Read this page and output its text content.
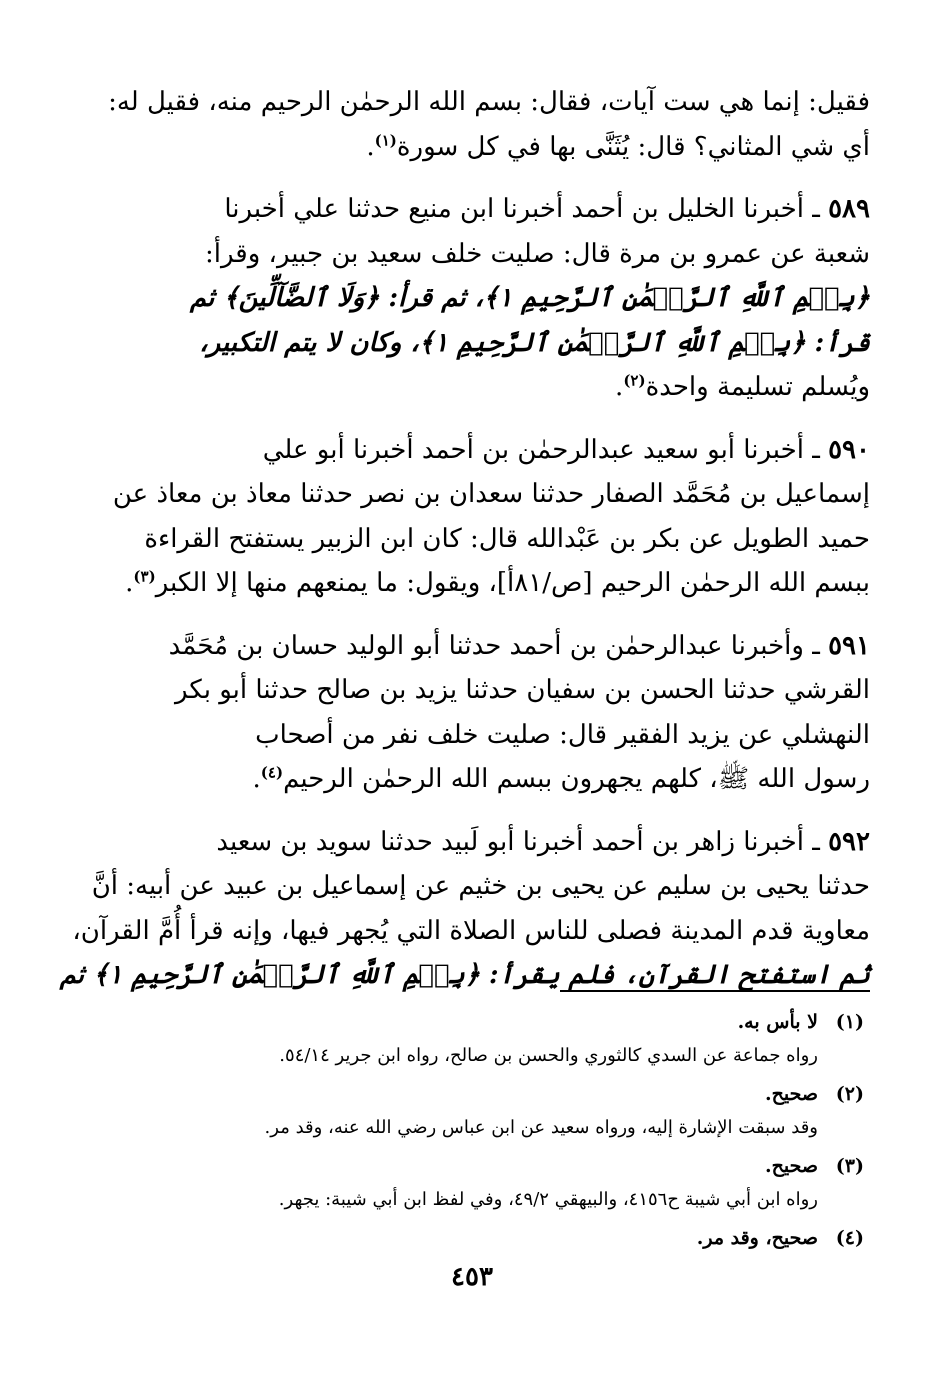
فقيل: إنما هي ست آيات، فقال: بسم الله الرحمٰن الرحيم منه، فقيل له:
أي شي المثاني؟ قال: يُثَنَّى بها في كل سورة$^{(١)}$.

٥٨٩ ـ أخبرنا الخليل بن أحمد أخبرنا ابن منيع حدثنا علي أخبرنا
شعبة عن عمرو بن مرة قال: صليت خلف سعيد بن جبير، وقرأ:
﴿بِسۡمِ ٱللَّهِ ٱلرَّحۡمَٰنِ ٱلرَّحِيمِ ١﴾، ثم قرأ: ﴿وَلَا ٱلضَّآلِّينَ﴾ ثم
قرأ: ﴿بِسۡمِ ٱللَّهِ ٱلرَّحۡمَٰنِ ٱلرَّحِيمِ ١﴾، وكان لا يتم التكبير،
ويُسلم تسليمة واحدة$^{(٢)}$.

٥٩٠ ـ أخبرنا أبو سعيد عبدالرحمٰن بن أحمد أخبرنا أبو علي
إسماعيل بن مُحَمَّد الصفار حدثنا سعدان بن نصر حدثنا معاذ بن معاذ عن
حميد الطويل عن بكر بن عَبْدالله قال: كان ابن الزبير يستفتح القراءة
ببسم الله الرحمٰن الرحيم [ص/٨١أ]، ويقول: ما يمنعهم منها إلا الكبر$^{(٣)}$.

٥٩١ ـ وأخبرنا عبدالرحمٰن بن أحمد حدثنا أبو الوليد حسان بن مُحَمَّد
القرشي حدثنا الحسن بن سفيان حدثنا يزيد بن صالح حدثنا أبو بكر
النهشلي عن يزيد الفقير قال: صليت خلف نفر من أصحاب
رسول الله ﷺ، كلهم يجهرون ببسم الله الرحمٰن الرحيم$^{(٤)}$.

٥٩٢ ـ أخبرنا زاهر بن أحمد أخبرنا أبو لَبيد حدثنا سويد بن سعيد
حدثنا يحيى بن سليم عن يحيى بن خثيم عن إسماعيل بن عبيد عن أبيه: أنَّ
معاوية قدم المدينة فصلى للناس الصلاة التي يُجهر فيها، وإنه قرأ أُمَّ القرآن،
ثم استفتح القرآن، فلم يقرأ: ﴿بِسۡمِ ٱللَّهِ ٱلرَّحۡمَٰنِ ٱلرَّحِيمِ ١﴾ ثم

(١)
لا بأس به.
رواه جماعة عن السدي كالثوري والحسن بن صالح، رواه ابن جرير ٥٤/١٤.
(٢)
صحيح.
وقد سبقت الإشارة إليه، ورواه سعيد عن ابن عباس رضي الله عنه، وقد مر.
(٣)
صحيح.
رواه ابن أبي شيبة ح٤١٥٦، والبيهقي ٤٩/٢، وفي لفظ ابن أبي شيبة: يجهر.
(٤)
صحيح، وقد مر.
٤٥٣
